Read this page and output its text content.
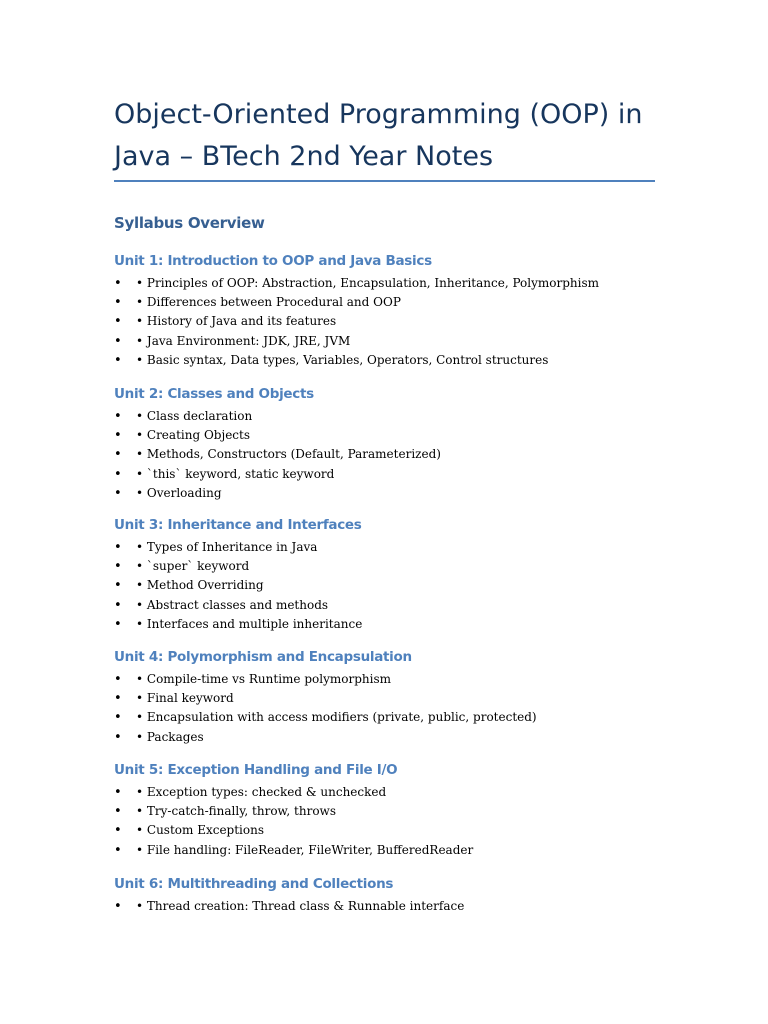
Object-Oriented Programming (OOP) in Java – BTech 2nd Year Notes
Syllabus Overview
Unit 1: Introduction to OOP and Java Basics
• • Principles of OOP: Abstraction, Encapsulation, Inheritance, Polymorphism
• • Differences between Procedural and OOP
• • History of Java and its features
• • Java Environment: JDK, JRE, JVM
• • Basic syntax, Data types, Variables, Operators, Control structures
Unit 2: Classes and Objects
• • Class declaration
• • Creating Objects
• • Methods, Constructors (Default, Parameterized)
• • `this` keyword, static keyword
• • Overloading
Unit 3: Inheritance and Interfaces
• • Types of Inheritance in Java
• • `super` keyword
• • Method Overriding
• • Abstract classes and methods
• • Interfaces and multiple inheritance
Unit 4: Polymorphism and Encapsulation
• • Compile-time vs Runtime polymorphism
• • Final keyword
• • Encapsulation with access modifiers (private, public, protected)
• • Packages
Unit 5: Exception Handling and File I/O
• • Exception types: checked & unchecked
• • Try-catch-finally, throw, throws
• • Custom Exceptions
• • File handling: FileReader, FileWriter, BufferedReader
Unit 6: Multithreading and Collections
• • Thread creation: Thread class & Runnable interface
